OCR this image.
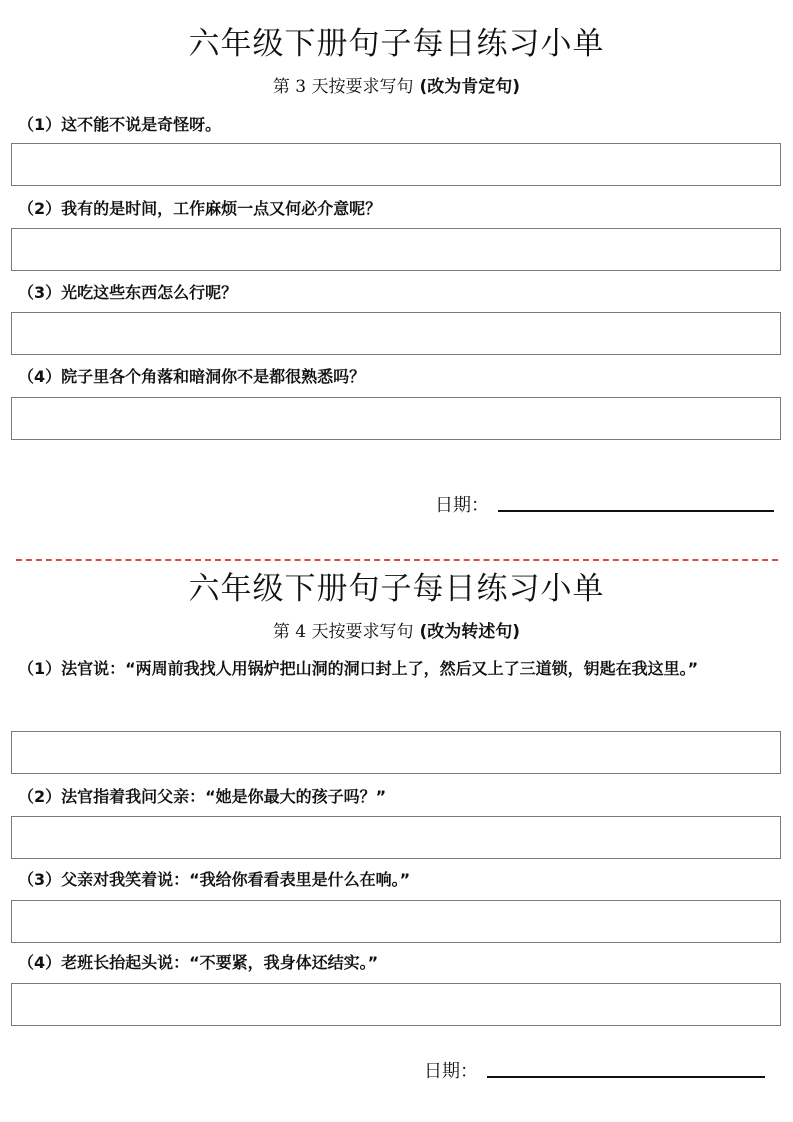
六年级下册句子每日练习小单
第 3 天按要求写句 (改为肯定句)
（1）这不能不说是奇怪呀。
（2）我有的是时间，工作麻烦一点又何必介意呢？
（3）光吃这些东西怎么行呢？
（4）院子里各个角落和暗洞你不是都很熟悉吗？
日期：
六年级下册句子每日练习小单
第 4 天按要求写句 (改为转述句)
（1）法官说：“两周前我找人用锅炉把山洞的洞口封上了，然后又上了三道锁，钥匙在我这里。”
（2）法官指着我问父亲：“她是你最大的孩子吗？”
（3）父亲对我笑着说：“我给你看看表里是什么在响。”
（4）老班长抬起头说：“不要紧，我身体还结实。”
日期：
